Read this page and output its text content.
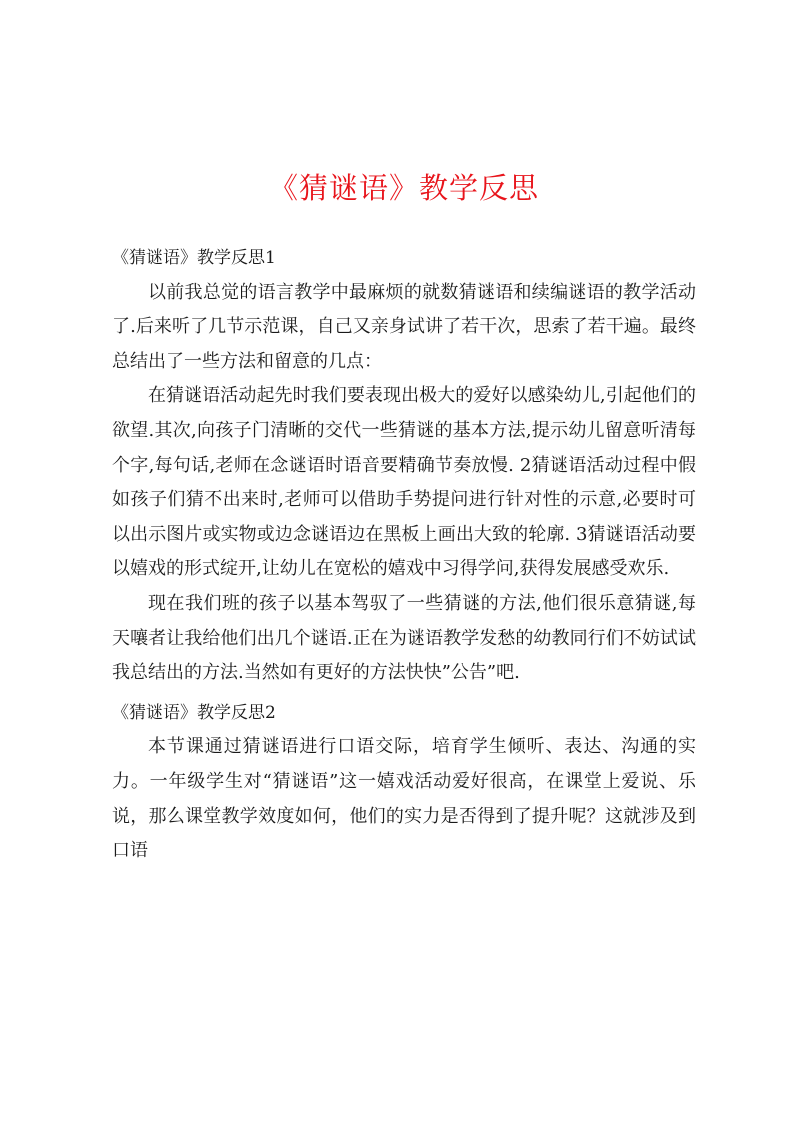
《猜谜语》教学反思

《猜谜语》教学反思1

以前我总觉的语言教学中最麻烦的就数猜谜语和续编谜语的教学活动了.后来听了几节示范课，自己又亲身试讲了若干次，思索了若干遍。最终总结出了一些方法和留意的几点：

在猜谜语活动起先时我们要表现出极大的爱好以感染幼儿,引起他们的欲望.其次,向孩子门清晰的交代一些猜谜的基本方法,提示幼儿留意听清每个字,每句话,老师在念谜语时语音要精确节奏放慢. 2猜谜语活动过程中假如孩子们猜不出来时,老师可以借助手势提问进行针对性的示意,必要时可以出示图片或实物或边念谜语边在黑板上画出大致的轮廓. 3猜谜语活动要以嬉戏的形式绽开,让幼儿在宽松的嬉戏中习得学问,获得发展感受欢乐.

现在我们班的孩子以基本驾驭了一些猜谜的方法,他们很乐意猜谜,每天嚷者让我给他们出几个谜语.正在为谜语教学发愁的幼教同行们不妨试试我总结出的方法.当然如有更好的方法快快”公告”吧.

《猜谜语》教学反思2

本节课通过猜谜语进行口语交际，培育学生倾听、表达、沟通的实力。一年级学生对“猜谜语”这一嬉戏活动爱好很高，在课堂上爱说、乐说，那么课堂教学效度如何，他们的实力是否得到了提升呢？这就涉及到口语
